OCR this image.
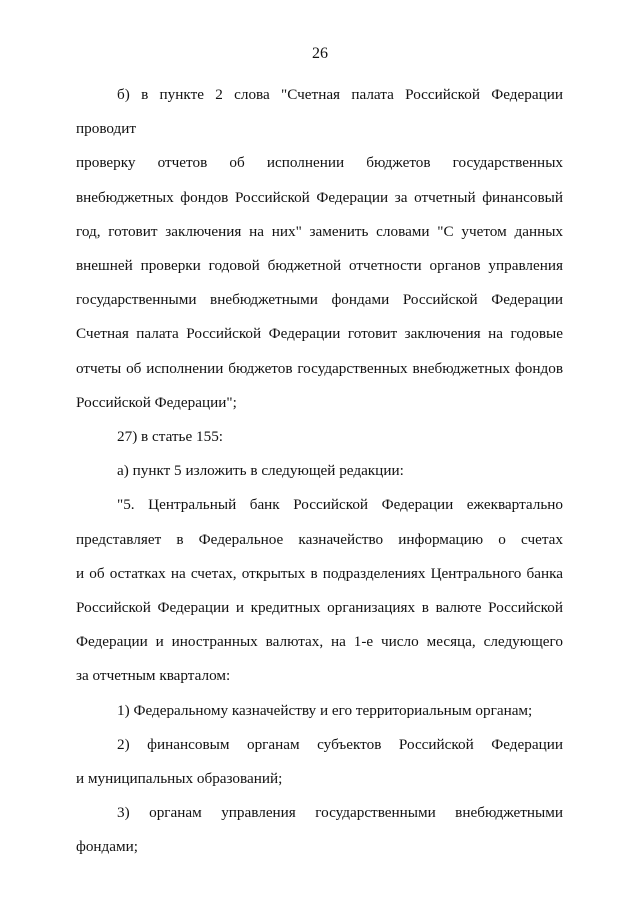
26

б) в пункте 2 слова "Счетная палата Российской Федерации проводит
проверку отчетов об исполнении бюджетов государственных
внебюджетных фондов Российской Федерации за отчетный финансовый
год, готовит заключения на них" заменить словами "С учетом данных
внешней проверки годовой бюджетной отчетности органов управления
государственными внебюджетными фондами Российской Федерации
Счетная палата Российской Федерации готовит заключения на годовые
отчеты об исполнении бюджетов государственных внебюджетных фондов
Российской Федерации";

27) в статье 155:

а) пункт 5 изложить в следующей редакции:

"5. Центральный банк Российской Федерации ежеквартально
представляет в Федеральное казначейство информацию о счетах
и об остатках на счетах, открытых в подразделениях Центрального банка
Российской Федерации и кредитных организациях в валюте Российской
Федерации и иностранных валютах, на 1-е число месяца, следующего
за отчетным кварталом:

1) Федеральному казначейству и его территориальным органам;

2) финансовым органам субъектов Российской Федерации
и муниципальных образований;

3) органам управления государственными внебюджетными фондами;
